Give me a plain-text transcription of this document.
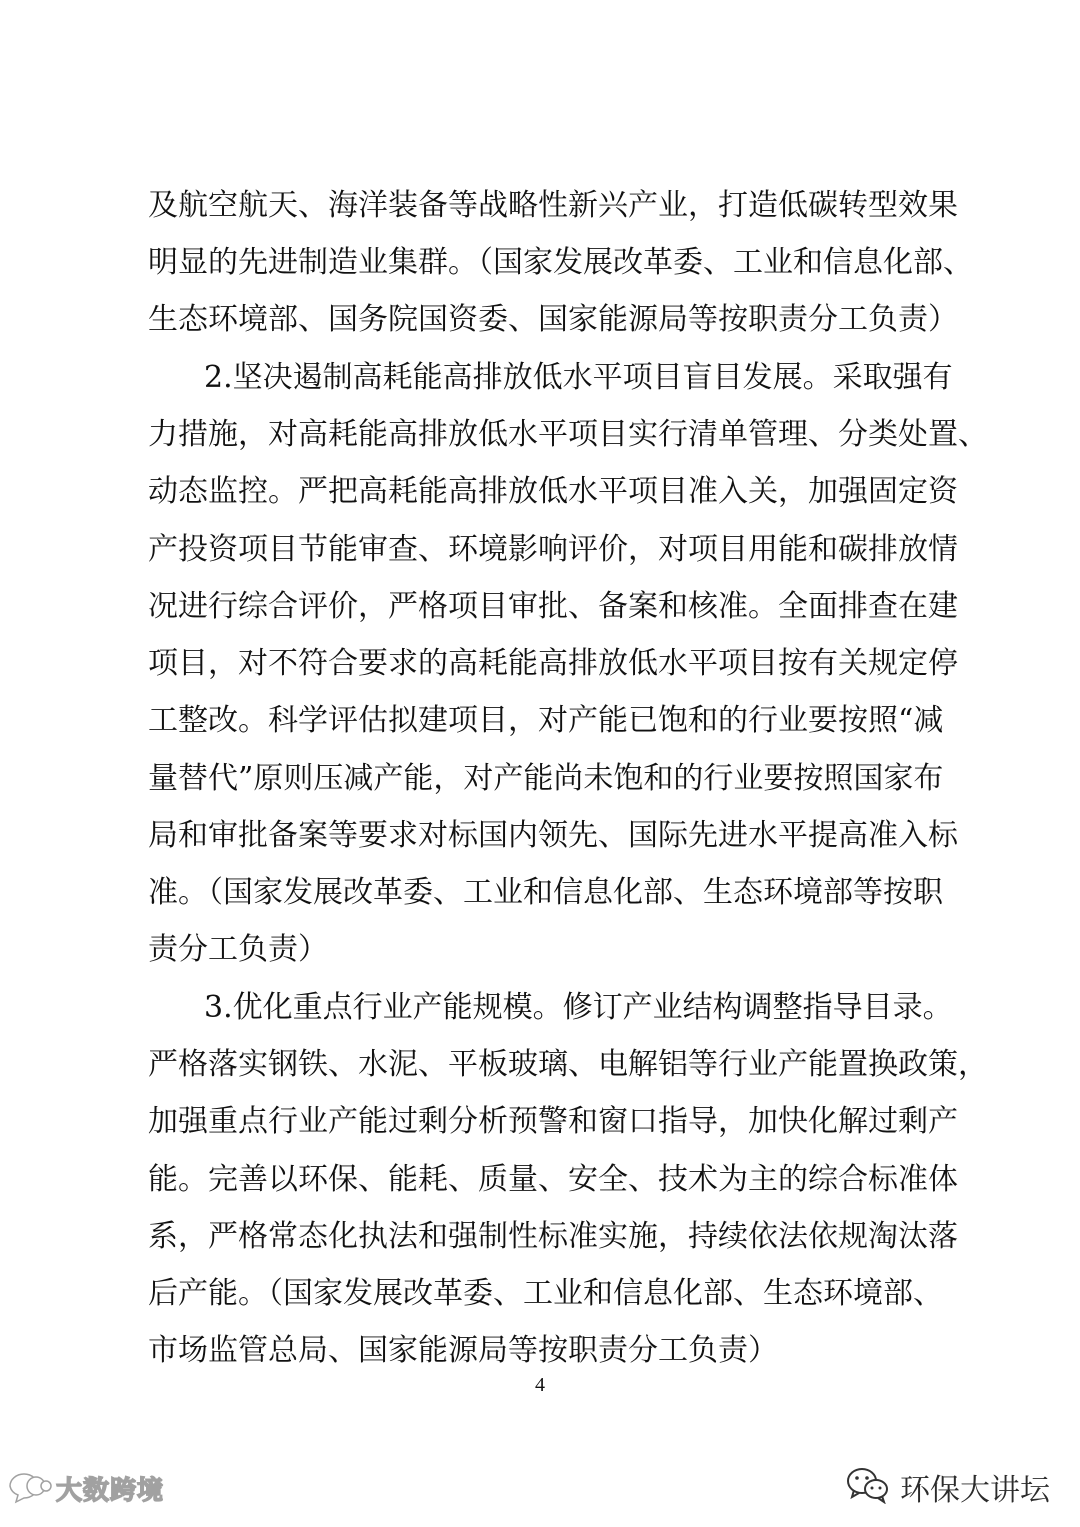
及航空航天、海洋装备等战略性新兴产业，打造低碳转型效果
明显的先进制造业集群。（国家发展改革委、工业和信息化部、
生态环境部、国务院国资委、国家能源局等按职责分工负责）
2.坚决遏制高耗能高排放低水平项目盲目发展。采取强有
力措施，对高耗能高排放低水平项目实行清单管理、分类处置、
动态监控。严把高耗能高排放低水平项目准入关，加强固定资
产投资项目节能审查、环境影响评价，对项目用能和碳排放情
况进行综合评价，严格项目审批、备案和核准。全面排查在建
项目，对不符合要求的高耗能高排放低水平项目按有关规定停
工整改。科学评估拟建项目，对产能已饱和的行业要按照“减
量替代”原则压减产能，对产能尚未饱和的行业要按照国家布
局和审批备案等要求对标国内领先、国际先进水平提高准入标
准。（国家发展改革委、工业和信息化部、生态环境部等按职
责分工负责）
3.优化重点行业产能规模。修订产业结构调整指导目录。
严格落实钢铁、水泥、平板玻璃、电解铝等行业产能置换政策，
加强重点行业产能过剩分析预警和窗口指导，加快化解过剩产
能。完善以环保、能耗、质量、安全、技术为主的综合标准体
系，严格常态化执法和强制性标准实施，持续依法依规淘汰落
后产能。（国家发展改革委、工业和信息化部、生态环境部、
市场监管总局、国家能源局等按职责分工负责）
4
大数跨境	环保大讲坛
